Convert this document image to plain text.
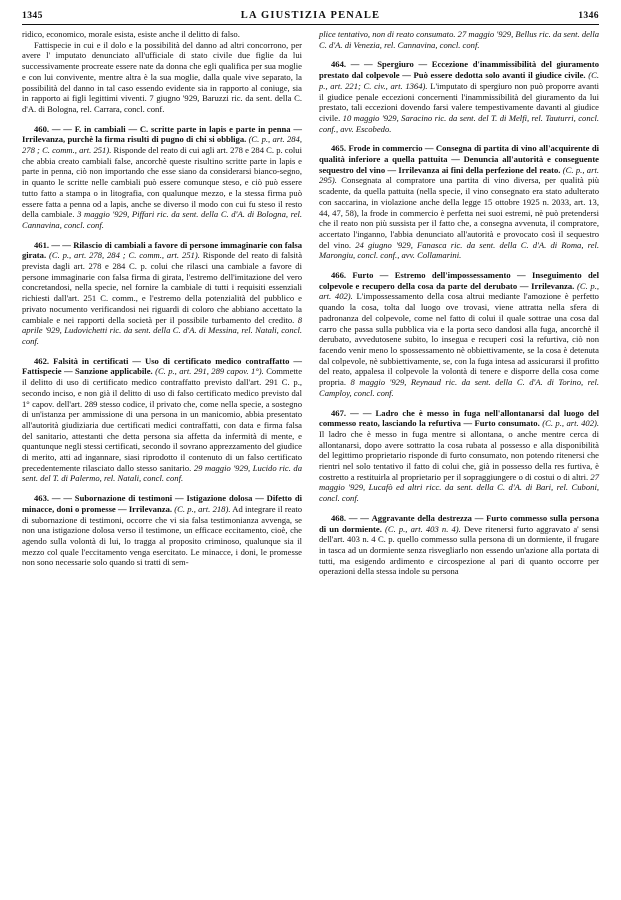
1345	LA GIUSTIZIA PENALE	1346

ridico, economico, morale esista, esiste anche il delitto di falso.

Fattispecie in cui e il dolo e la possibilità del danno ad altri concorrono, per avere l' imputato denunciato all'ufficiale di stato civile due figlie da lui successivamente procreate essere nate da donna che egli qualifica per sua moglie e con lui convivente, mentre altra è la sua moglie, dalla quale vive separato, la possibilità del danno in tal caso essendo evidente sia in rapporto al coniuge, sia in rapporto ai figli legittimi viventi. 7 giugno '929, Baruzzi ric. da sent. della C. d'A. di Bologna, rel. Carrara, concl. conf.

460. — — F. in cambiali — C. scritte parte in lapis e parte in penna — Irrilevanza, purchè la firma risulti di pugno di chi si obbliga. (C. p., art. 284, 278 ; C. comm., art. 251). Risponde del reato di cui agli art. 278 e 284 C. p. colui che abbia creato cambiali false, ancorchè queste risultino scritte parte in lapis e parte in penna, ciò non importando che esse siano da considerarsi bianco-segno, in quanto le scritte nelle cambiali può essere comunque steso, e ciò può essere tutto fatto a stampa o in litografia, con qualunque mezzo, e la stessa firma può essere fatta a penna od a lapis, anche se diverso il modo con cui fu steso il resto della cambiale. 3 maggio '929, Piffari ric. da sent. della C. d'A. di Bologna, rel. Cannavina, concl. conf.

461. — — Rilascio di cambiali a favore di persone immaginarie con falsa girata. (C. p., art. 278, 284 ; C. comm., art. 251). Risponde del reato di falsità prevista dagli art. 278 e 284 C. p. colui che rilasci una cambiale a favore di persone immaginarie con falsa firma di girata, l'estremo dell'imitazione del vero concretandosi, nella specie, nel fornire la cambiale di tutti i requisiti essenziali richiesti dall'art. 251 C. comm., e l'estremo della potenzialità del pubblico e privato nocumento verificandosi nei riguardi di coloro che abbiano accettato la cambiale e nei rapporti della società per il possibile turbamento del credito. 8 aprile '929, Ludovichetti ric. da sent. della C. d'A. di Messina, rel. Natali, concl. conf.

462. Falsità in certificati — Uso di certificato medico contraffatto — Fattispecie — Sanzione applicabile. (C. p., art. 291, 289 capov. 1°). Commette il delitto di uso di certificato medico contraffatto previsto dall'art. 291 C. p., secondo inciso, e non già il delitto di uso di falso certificato medico previsto dal 1° capov. dell'art. 289 stesso codice, il privato che, come nella specie, a sostegno di un'istanza per ammissione di una persona in un manicomio, abbia presentato all'autorità giudiziaria due certificati medici contraffatti, con data e firma falsa del sanitario, attestanti che detta persona sia affetta da infermità di mente, e quantunque negli stessi certificati, secondo il sovrano apprezzamento del giudice di merito, atti ad ingannare, siasi riprodotto il contenuto di un falso certificato precedentemente rilasciato dallo stesso sanitario. 29 maggio '929, Lucido ric. da sent. del T. di Palermo, rel. Natali, concl. conf.

463. — — Subornazione di testimoni — Istigazione dolosa — Difetto di minacce, doni o promesse — Irrilevanza. (C. p., art. 218). Ad integrare il reato di subornazione di testimoni, occorre che vi sia falsa testimonianza avvenga, se non una istigazione dolosa verso il testimone, un efficace eccitamento, cioè, che agendo sulla volontà di lui, lo tragga al proposito criminoso, qualunque sia il mezzo col quale l'eccitamento venga esercitato. Le minacce, i doni, le promesse non sono necessarie solo quando si tratti di sem-

plice tentativo, non di reato consumato. 27 maggio '929, Bellus ric. da sent. della C. d'A. di Venezia, rel. Cannavina, concl. conf.

464. — — Spergiuro — Eccezione d'inammissibilità del giuramento prestato dal colpevole — Può essere dedotta solo avanti il giudice civile. (C. p., art. 221; C. civ., art. 1364). L'imputato di spergiuro non può proporre avanti il giudice penale eccezioni concernenti l'inammissibilità del giuramento da lui prestato, tali eccezioni dovendo farsi valere tempestivamente davanti al giudice civile. 10 maggio '929, Saracino ric. da sent. del T. di Melfi, rel. Tauturri, concl. conf., avv. Escobedo.

465. Frode in commercio — Consegna di partita di vino all'acquirente di qualità inferiore a quella pattuita — Denuncia all'autorità e conseguente sequestro del vino — Irrilevanza ai fini della perfezione del reato. (C. p., art. 295). Consegnata al compratore una partita di vino diversa, per qualità più scadente, da quella pattuita (nella specie, il vino consegnato era stato adulterato con saccarina, in violazione anche della legge 15 ottobre 1925 n. 2033, art. 13, 44, 47, 58), la frode in commercio è perfetta nei suoi estremi, nè può pretendersi che il reato non più sussista per il fatto che, a consegna avvenuta, il compratore, accertato l'inganno, l'abbia denunciato all'autorità e provocato così il sequestro del vino. 24 giugno '929, Fanasca ric. da sent. della C. d'A. di Roma, rel. Marongiu, concl. conf., avv. Collamarini.

466. Furto — Estremo dell'impossessamento — Inseguimento del colpevole e recupero della cosa da parte del derubato — Irrilevanza. (C. p., art. 402). L'impossessamento della cosa altrui mediante l'amozione è perfetto quando la cosa, tolta dal luogo ove trovasi, viene attratta nella sfera di padronanza del colpevole, come nel fatto di colui il quale sottrae una cosa dal carro che passa sulla pubblica via e la porta seco dandosi alla fuga, ancorchè il derubato, avvedutosene subito, lo insegua e recuperi così la refurtiva, ciò non facendo venir meno lo spossessamento nè obbiettivamente, se la cosa è detenuta dal colpevole, nè subbiettivamente, se, con la fuga intesa ad assicurarsi il profitto del reato, appalesa il colpevole la volontà di tenere e disporre della cosa come propria. 8 maggio '929, Reynaud ric. da sent. della C. d'A. di Torino, rel. Camploy, concl. conf.

467. — — Ladro che è messo in fuga nell'allontanarsi dal luogo del commesso reato, lasciando la refurtiva — Furto consumato. (C. p., art. 402). Il ladro che è messo in fuga mentre si allontana, o anche mentre cerca di allontanarsi, dopo avere sottratto la cosa rubata al possesso e alla disponibilità del legittimo proprietario risponde di furto consumato, non potendo ritenersi che rientri nel solo tentativo il fatto di colui che, già in possesso della res furtiva, è costretto a restituirla al proprietario per il sopraggiungere o di costui o di altri. 27 maggio '929, Lucafò ed altri ricc. da sent. della C. d'A. di Bari, rel. Cuboni, concl. conf.

468. — — Aggravante della destrezza — Furto commesso sulla persona di un dormiente. (C. p., art. 403 n. 4). Deve ritenersi furto aggravato a' sensi dell'art. 403 n. 4 C. p. quello commesso sulla persona di un dormiente, il frugare in tasca ad un dormiente senza risvegliarlo non essendo un'azione alla portata di tutti, ma esigendo ardimento e circospezione al pari di quanto occorre per operazioni della stessa indole su persona
